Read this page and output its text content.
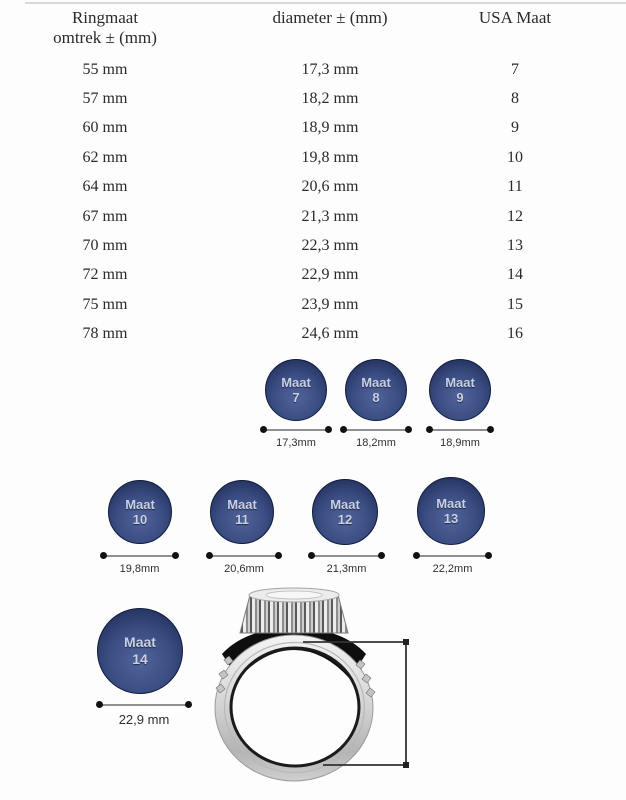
Ringmaat
omtrek ± (mm)
diameter ± (mm)	USA Maat
55 mm	17,3 mm	7
57 mm	18,2 mm	8
60 mm	18,9 mm	9
62 mm	19,8 mm	10
64 mm	20,6 mm	11
67 mm	21,3 mm	12
70 mm	22,3 mm	13
72 mm	22,9 mm	14
75 mm	23,9 mm	15
78 mm	24,6 mm	16
Maat
7
17,3mm
Maat
8
18,2mm
Maat
9
18,9mm
Maat
10
19,8mm
Maat
11
20,6mm
Maat
12
21,3mm
Maat
13
22,2mm
Maat
14
22,9 mm
